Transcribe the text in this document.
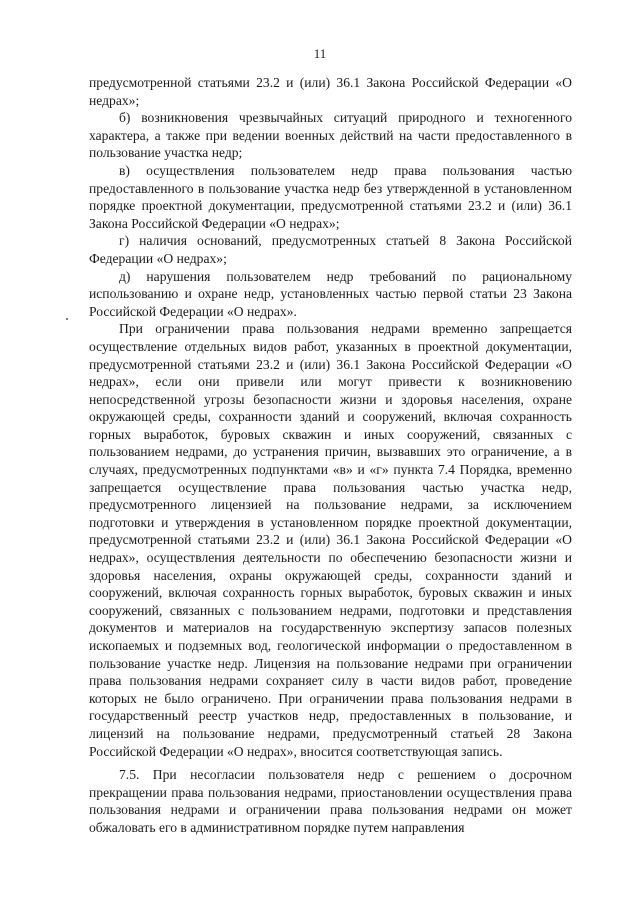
11

предусмотренной статьями 23.2 и (или) 36.1 Закона Российской Федерации «О недрах»;

б) возникновения чрезвычайных ситуаций природного и техногенного характера, а также при ведении военных действий на части предоставленного в пользование участка недр;

в) осуществления пользователем недр права пользования частью предоставленного в пользование участка недр без утвержденной в установленном порядке проектной документации, предусмотренной статьями 23.2 и (или) 36.1 Закона Российской Федерации «О недрах»;

г) наличия оснований, предусмотренных статьей 8 Закона Российской Федерации «О недрах»;

д) нарушения пользователем недр требований по рациональному использованию и охране недр, установленных частью первой статьи 23 Закона Российской Федерации «О недрах».

При ограничении права пользования недрами временно запрещается осуществление отдельных видов работ, указанных в проектной документации, предусмотренной статьями 23.2 и (или) 36.1 Закона Российской Федерации «О недрах», если они привели или могут привести к возникновению непосредственной угрозы безопасности жизни и здоровья населения, охране окружающей среды, сохранности зданий и сооружений, включая сохранность горных выработок, буровых скважин и иных сооружений, связанных с пользованием недрами, до устранения причин, вызвавших это ограничение, а в случаях, предусмотренных подпунктами «в» и «г» пункта 7.4 Порядка, временно запрещается осуществление права пользования частью участка недр, предусмотренного лицензией на пользование недрами, за исключением подготовки и утверждения в установленном порядке проектной документации, предусмотренной статьями 23.2 и (или) 36.1 Закона Российской Федерации «О недрах», осуществления деятельности по обеспечению безопасности жизни и здоровья населения, охраны окружающей среды, сохранности зданий и сооружений, включая сохранность горных выработок, буровых скважин и иных сооружений, связанных с пользованием недрами, подготовки и представления документов и материалов на государственную экспертизу запасов полезных ископаемых и подземных вод, геологической информации о предоставленном в пользование участке недр. Лицензия на пользование недрами при ограничении права пользования недрами сохраняет силу в части видов работ, проведение которых не было ограничено. При ограничении права пользования недрами в государственный реестр участков недр, предоставленных в пользование, и лицензий на пользование недрами, предусмотренный статьей 28 Закона Российской Федерации «О недрах», вносится соответствующая запись.

7.5. При несогласии пользователя недр с решением о досрочном прекращении права пользования недрами, приостановлении осуществления права пользования недрами и ограничении права пользования недрами он может обжаловать его в административном порядке путем направления
